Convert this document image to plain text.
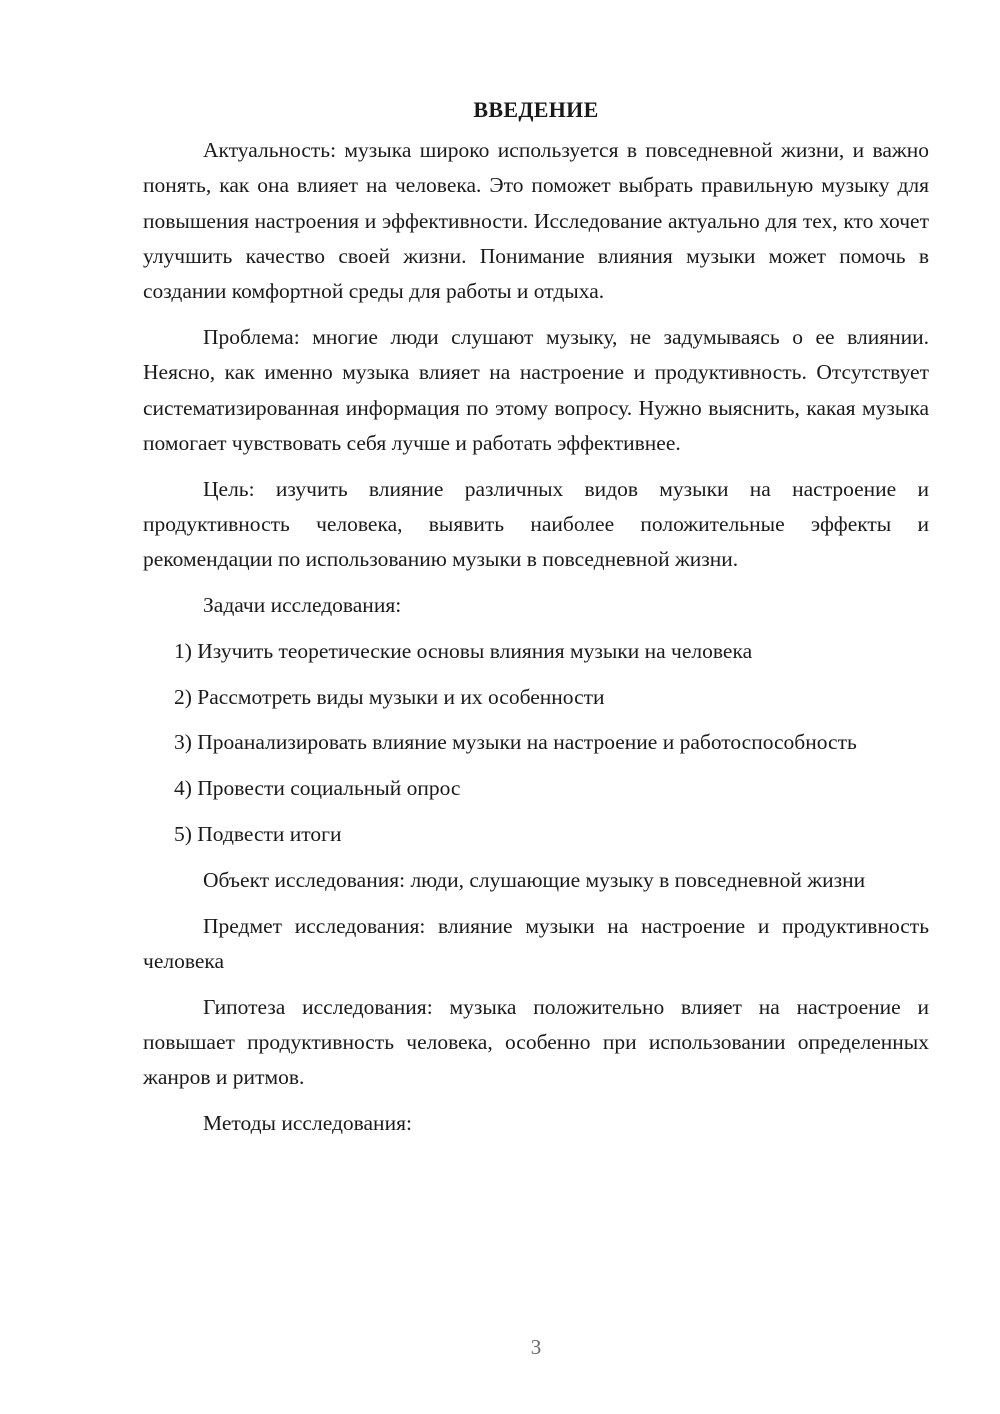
ВВЕДЕНИЕ

Актуальность: музыка широко используется в повседневной жизни, и важно понять, как она влияет на человека. Это поможет выбрать правильную музыку для повышения настроения и эффективности. Исследование актуально для тех, кто хочет улучшить качество своей жизни. Понимание влияния музыки может помочь в создании комфортной среды для работы и отдыха.

Проблема: многие люди слушают музыку, не задумываясь о ее влиянии. Неясно, как именно музыка влияет на настроение и продуктивность. Отсутствует систематизированная информация по этому вопросу. Нужно выяснить, какая музыка помогает чувствовать себя лучше и работать эффективнее.

Цель: изучить влияние различных видов музыки на настроение и продуктивность человека, выявить наиболее положительные эффекты и рекомендации по использованию музыки в повседневной жизни.

Задачи исследования:

1) Изучить теоретические основы влияния музыки на человека

2) Рассмотреть виды музыки и их особенности

3) Проанализировать влияние музыки на настроение и работоспособность

4) Провести социальный опрос

5) Подвести итоги

Объект исследования: люди, слушающие музыку в повседневной жизни

Предмет исследования: влияние музыки на настроение и продуктивность человека

Гипотеза исследования: музыка положительно влияет на настроение и повышает продуктивность человека, особенно при использовании определенных жанров и ритмов.

Методы исследования:

3
